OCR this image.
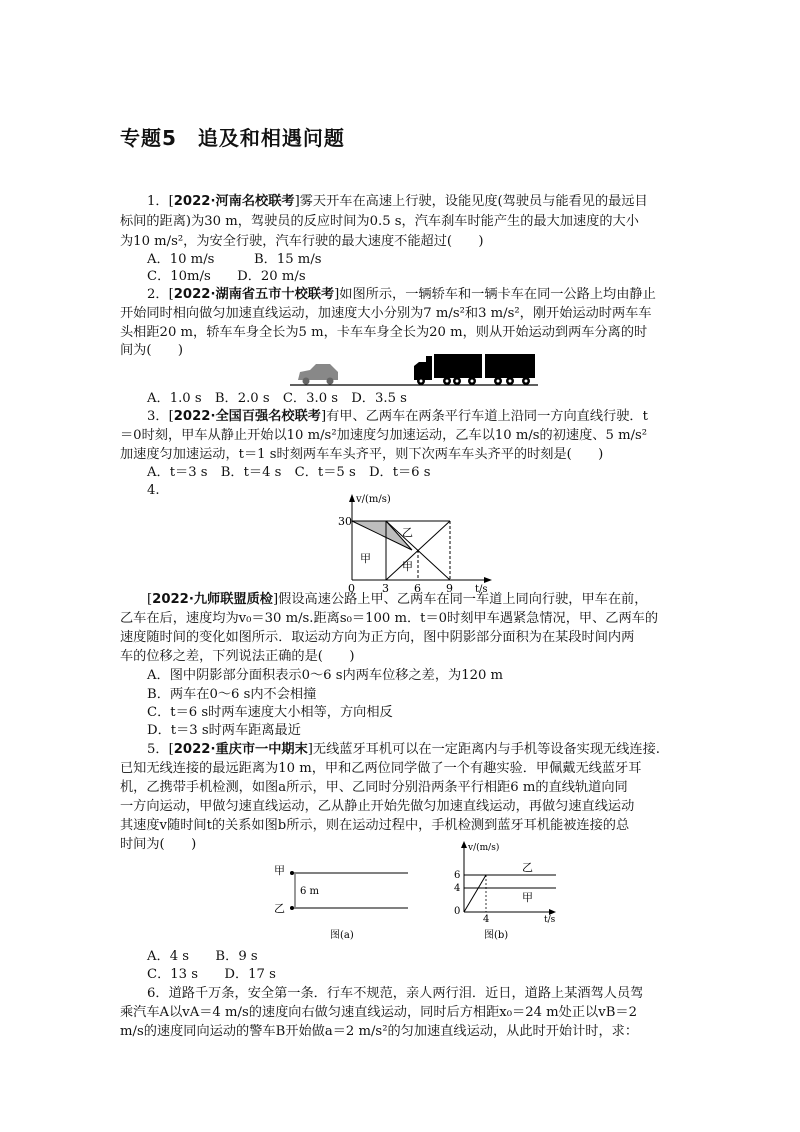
专题5　追及和相遇问题
1．[2022·河南名校联考]雾天开车在高速上行驶，设能见度(驾驶员与能看见的最远目
标间的距离)为30 m，驾驶员的反应时间为0.5 s，汽车刹车时能产生的最大加速度的大小
为10 m/s²，为安全行驶，汽车行驶的最大速度不能超过(　　)
A．10 m/s　　　B．15 m/s
C．10m/s　　D．20 m/s
2．[2022·湖南省五市十校联考]如图所示，一辆轿车和一辆卡车在同一公路上均由静止
开始同时相向做匀加速直线运动，加速度大小分别为7 m/s²和3 m/s²，刚开始运动时两车车
头相距20 m，轿车车身全长为5 m，卡车车身全长为20 m，则从开始运动到两车分离的时
间为(　　)
A．1.0 s　B．2.0 s　C．3.0 s　D．3.5 s
3．[2022·全国百强名校联考]有甲、乙两车在两条平行车道上沿同一方向直线行驶．t
＝0时刻，甲车从静止开始以10 m/s²加速度匀加速运动，乙车以10 m/s的初速度、5 m/s²
加速度匀加速运动，t＝1 s时刻两车车头齐平，则下次两车车头齐平的时刻是(　　)
A．t＝3 s　B．t＝4 s　C．t＝5 s　D．t＝6 s
4.
v/(m/s)
t/s
30
0 3 6 9
甲
乙
甲
[2022·九师联盟质检]假设高速公路上甲、乙两车在同一车道上同向行驶，甲车在前，
乙车在后，速度均为v₀＝30 m/s.距离s₀＝100 m．t＝0时刻甲车遇紧急情况，甲、乙两车的
速度随时间的变化如图所示．取运动方向为正方向，图中阴影部分面积为在某段时间内两
车的位移之差，下列说法正确的是(　　)
A．图中阴影部分面积表示0～6 s内两车位移之差，为120 m
B．两车在0～6 s内不会相撞
C．t＝6 s时两车速度大小相等，方向相反
D．t＝3 s时两车距离最近
5．[2022·重庆市一中期末]无线蓝牙耳机可以在一定距离内与手机等设备实现无线连接.
已知无线连接的最远距离为10 m，甲和乙两位同学做了一个有趣实验．甲佩戴无线蓝牙耳
机，乙携带手机检测，如图a所示，甲、乙同时分别沿两条平行相距6 m的直线轨道向同
一方向运动，甲做匀速直线运动，乙从静止开始先做匀加速直线运动，再做匀速直线运动
其速度v随时间t的关系如图b所示，则在运动过程中，手机检测到蓝牙耳机能被连接的总
时间为(　　)
甲
6 m
乙
图(a)
v/(m/s)
t/s
6
4
0
4
乙
甲
图(b)
A．4 s　　B．9 s
C．13 s　　D．17 s
6．道路千万条，安全第一条．行车不规范，亲人两行泪．近日，道路上某酒驾人员驾
乘汽车A以vA＝4 m/s的速度向右做匀速直线运动，同时后方相距x₀＝24 m处正以vB＝2
m/s的速度同向运动的警车B开始做a＝2 m/s²的匀加速直线运动，从此时开始计时，求：
